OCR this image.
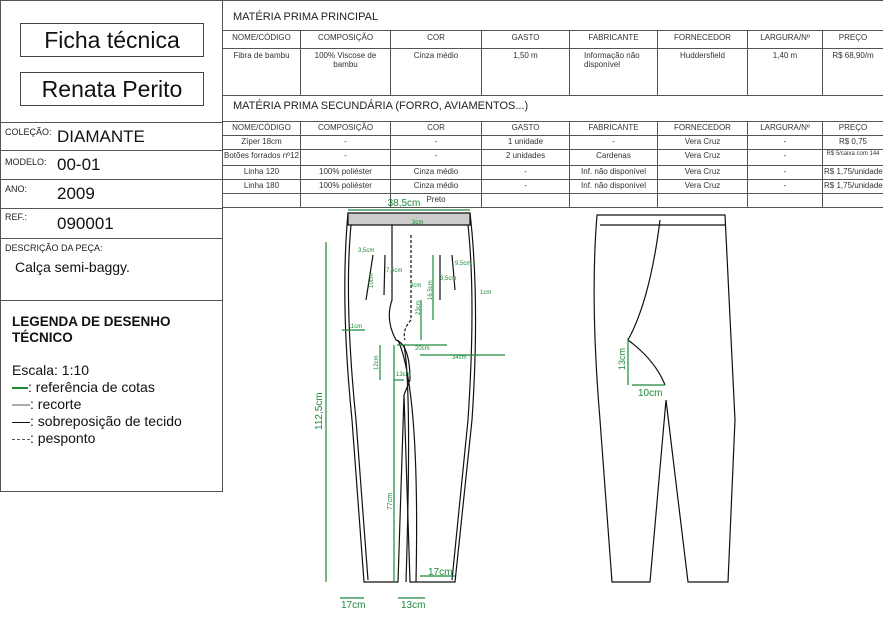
Ficha técnica
Renata Perito
COLEÇÃO: DIAMANTE
MODELO: 00-01
ANO: 2009
REF.: 090001
DESCRIÇÃO DA PEÇA:
Calça semi-baggy.
LEGENDA DE DESENHO TÉCNICO
Escala: 1:10
: referência de cotas
: recorte
: sobreposição de tecido
: pesponto
MATÉRIA PRIMA PRINCIPAL
NOME/CÓDIGO	COMPOSIÇÃO	COR	GASTO	FABRICANTE	FORNECEDOR	LARGURA/Nº	PREÇO
Fibra de bambu	100% Viscose de bambu	Cinza médio	1,50 m	Informação não disponível	Huddersfield	1,40 m	R$ 68,90/m
MATÉRIA PRIMA SECUNDÁRIA (FORRO, AVIAMENTOS...)
NOME/CÓDIGO	COMPOSIÇÃO	COR	GASTO	FABRICANTE	FORNECEDOR	LARGURA/Nº	PREÇO
Zíper 18cm	-	-	1 unidade	-	Vera Cruz	-	R$ 0,75
Botões forrados nº12	-	-	2 unidades	Cardenas	Vera Cruz	-	R$ 5/caixa com 144
Linha 120	100% poliéster	Cinza médio	-	Inf. não disponível	Vera Cruz	-	R$ 1,75/unidade
Linha 180	100% poliéster	Cinza médio	-	Inf. não disponível	Vera Cruz	-	R$ 1,75/unidade
		Preto					
38,5cm
3cm
3,5cm
7,5cm
3cm
9,5cm
3,5cm
1cm
10cm	16,5cm
23cm
11cm
20cm
34cm
12cm
13cm
112,5cm
77cm
17cm
17cm	13cm
13cm
10cm
